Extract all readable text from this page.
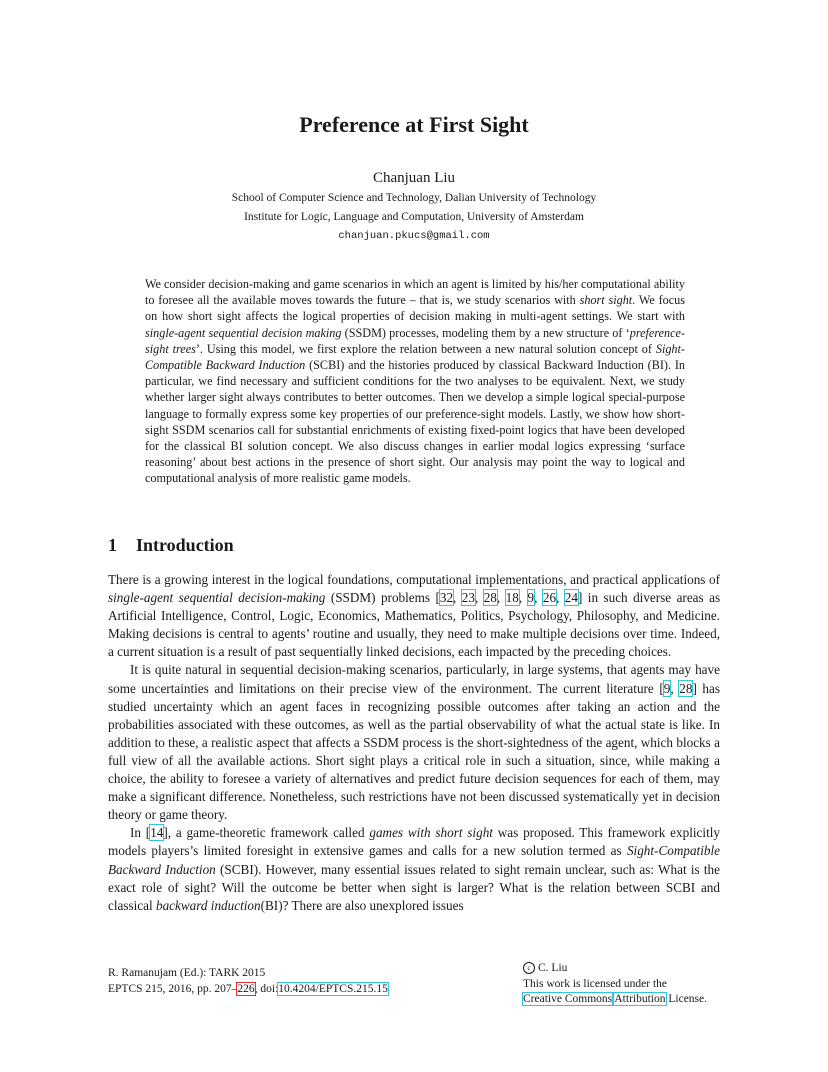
Preference at First Sight
Chanjuan Liu
School of Computer Science and Technology, Dalian University of Technology
Institute for Logic, Language and Computation, University of Amsterdam
chanjuan.pkucs@gmail.com
We consider decision-making and game scenarios in which an agent is limited by his/her computational ability to foresee all the available moves towards the future – that is, we study scenarios with short sight. We focus on how short sight affects the logical properties of decision making in multi-agent settings. We start with single-agent sequential decision making (SSDM) processes, modeling them by a new structure of ‘preference-sight trees’. Using this model, we first explore the relation between a new natural solution concept of Sight-Compatible Backward Induction (SCBI) and the histories produced by classical Backward Induction (BI). In particular, we find necessary and sufficient conditions for the two analyses to be equivalent. Next, we study whether larger sight always contributes to better outcomes. Then we develop a simple logical special-purpose language to formally express some key properties of our preference-sight models. Lastly, we show how short-sight SSDM scenarios call for substantial enrichments of existing fixed-point logics that have been developed for the classical BI solution concept. We also discuss changes in earlier modal logics expressing ‘surface reasoning’ about best actions in the presence of short sight. Our analysis may point the way to logical and computational analysis of more realistic game models.
1 Introduction

There is a growing interest in the logical foundations, computational implementations, and practical applications of single-agent sequential decision-making (SSDM) problems [32, 23, 28, 18, 9, 26, 24] in such diverse areas as Artificial Intelligence, Control, Logic, Economics, Mathematics, Politics, Psychology, Philosophy, and Medicine. Making decisions is central to agents’ routine and usually, they need to make multiple decisions over time. Indeed, a current situation is a result of past sequentially linked decisions, each impacted by the preceding choices.

It is quite natural in sequential decision-making scenarios, particularly, in large systems, that agents may have some uncertainties and limitations on their precise view of the environment. The current literature [9, 28] has studied uncertainty which an agent faces in recognizing possible outcomes after taking an action and the probabilities associated with these outcomes, as well as the partial observability of what the actual state is like. In addition to these, a realistic aspect that affects a SSDM process is the short-sightedness of the agent, which blocks a full view of all the available actions. Short sight plays a critical role in such a situation, since, while making a choice, the ability to foresee a variety of alternatives and predict future decision sequences for each of them, may make a significant difference. Nonetheless, such restrictions have not been discussed systematically yet in decision theory or game theory.

In [14], a game-theoretic framework called games with short sight was proposed. This framework explicitly models players’s limited foresight in extensive games and calls for a new solution termed as Sight-Compatible Backward Induction (SCBI). However, many essential issues related to sight remain unclear, such as: What is the exact role of sight? Will the outcome be better when sight is larger? What is the relation between SCBI and classical backward induction(BI)? There are also unexplored issues

R. Ramanujam (Ed.): TARK 2015
EPTCS 215, 2016, pp. 207–226, doi:10.4204/EPTCS.215.15
c C. Liu
This work is licensed under the
Creative Commons Attribution License.
